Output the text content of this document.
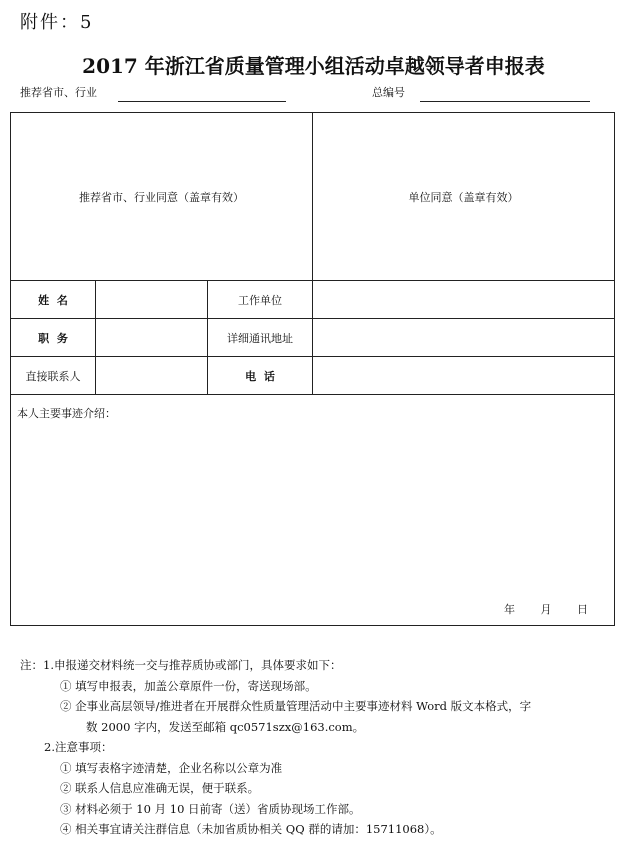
附件：5
2017 年浙江省质量管理小组活动卓越领导者申报表
推荐省市、行业	总编号
推荐省市、行业同意（盖章有效）			单位同意（盖章有效）
姓  名		工作单位	
职  务		详细通讯地址	
直接联系人		电  话	

本人主要事迹介绍：
年 月 日			
注：1.申报递交材料统一交与推荐质协或部门，具体要求如下：
① 填写申报表，加盖公章原件一份，寄送现场部。
② 企事业高层领导/推进者在开展群众性质量管理活动中主要事迹材料 Word 版文本格式，字
数 2000 字内，发送至邮箱 qc0571szx@163.com。
2.注意事项：
① 填写表格字迹清楚，企业名称以公章为准
② 联系人信息应准确无误，便于联系。
③ 材料必须于 10 月 10 日前寄（送）省质协现场工作部。
④ 相关事宜请关注群信息（未加省质协相关 QQ 群的请加：15711068）。
